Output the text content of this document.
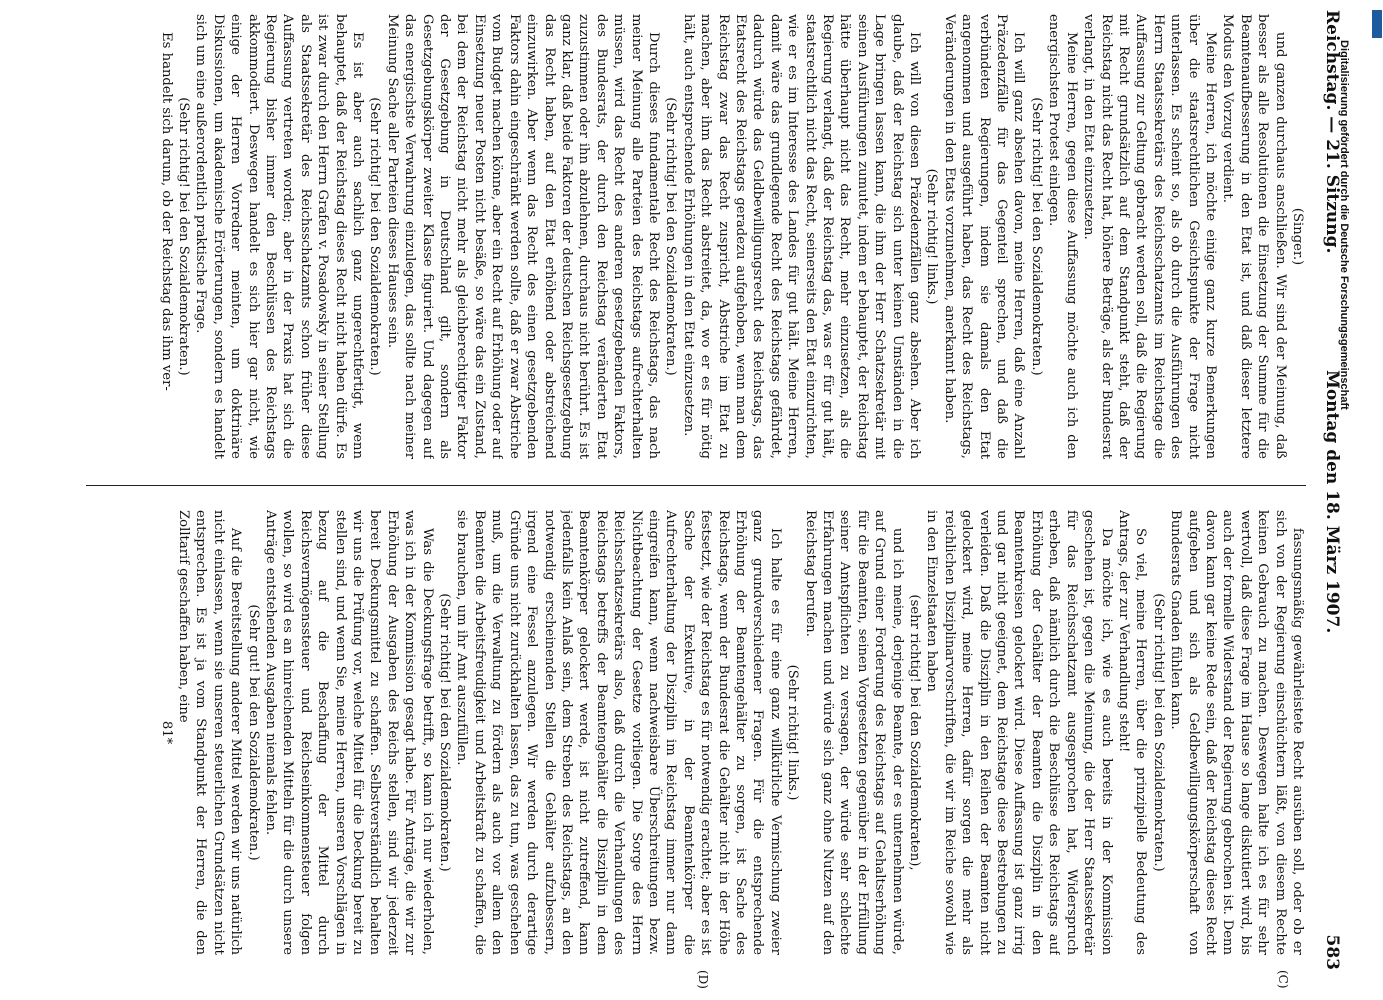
Reichstag. — 21. Sitzung.
Montag den 18. März 1907.
583

(Singer.)

und ganzen durchaus anschließen. Wir sind der Meinung, daß besser als alle Resolutionen die Einsetzung der Summe für die Beamtenaufbesserung in den Etat ist, und daß dieser letztere Modus den Vorzug verdient.

Meine Herren, ich möchte einige ganz kurze Bemerkungen über die staatsrechtlichen Gesichtspunkte der Frage nicht unterlassen. Es scheint so, als ob durch die Ausführungen des Herrn Staatssekretärs des Reichsschatzamts im Reichstage die Auffassung zur Geltung gebracht werden soll, daß die Regierung mit Recht grundsätzlich auf dem Standpunkt steht, daß der Reichstag nicht das Recht hat, höhere Beträge, als der Bundesrat verlangt, in den Etat einzusetzen.

Meine Herren, gegen diese Auffassung möchte auch ich den energischsten Protest einlegen.

(Sehr richtig! bei den Sozialdemokraten.)

Ich will ganz absehen davon, meine Herren, daß eine Anzahl Präzedenzfälle für das Gegenteil sprechen, und daß die verbündeten Regierungen, indem sie damals den Etat angenommen und ausgeführt haben, das Recht des Reichstags, Veränderungen in den Etats vorzunehmen, anerkannt haben.

(Sehr richtig! links.)

Ich will von diesen Präzedenzfällen ganz absehen. Aber ich glaube, daß der Reichstag sich unter keinen Umständen in die Lage bringen lassen kann, die ihm der Herr Schatzsekretär mit seinen Ausführungen zumutet, indem er behauptet, der Reichstag hätte überhaupt nicht das Recht, mehr einzusetzen, als die Regierung verlangt, daß der Reichstag das, was er für gut hält, staatsrechtlich nicht das Recht, seinerseits den Etat einzurichten, wie er es im Interesse des Landes für gut hält. Meine Herren, damit wäre das grundlegende Recht des Reichstags gefährdet, dadurch würde das Geldbewilligungsrecht des Reichstags, das Etatsrecht des Reichstags geradezu aufgehoben, wenn man dem Reichstag zwar das Recht zuspricht, Abstriche im Etat zu machen, aber ihm das Recht abstreitet, da, wo er es für nötig hält, auch entsprechende Erhöhungen in den Etat einzusetzen.

(Sehr richtig! bei den Sozialdemokraten.)

Durch dieses fundamentale Recht des Reichstags, das nach meiner Meinung alle Parteien des Reichstags aufrechterhalten müssen, wird das Recht des anderen gesetzgebenden Faktors, des Bundesrats, der durch den Reichstag veränderten Etat zuzustimmen oder ihn abzulehnen, durchaus nicht berührt. Es ist ganz klar, daß beide Faktoren der deutschen Reichsgesetzgebung das Recht haben, auf den Etat erhöhend oder abstreichend einzuwirken. Aber wenn das Recht des einen gesetzgebenden Faktors dahin eingeschränkt werden sollte, daß er zwar Abstriche vom Budget machen könne, aber ein Recht auf Erhöhung oder auf Einsetzung neuer Posten nicht besäße, so wäre das ein Zustand, bei dem der Reichstag nicht mehr als gleichberechtigter Faktor der Gesetzgebung in Deutschland gilt, sondern als Gesetzgebungskörper zweiter Klasse figuriert. Und dagegen auf das energischste Verwahrung einzulegen, das sollte nach meiner Meinung Sache aller Parteien dieses Hauses sein.

(Sehr richtig! bei den Sozialdemokraten.)

Es ist aber auch sachlich ganz ungerechtfertigt, wenn behauptet, daß der Reichstag dieses Recht nicht haben dürfe. Es ist zwar durch den Herrn Grafen v. Posadowsky in seiner Stellung als Staatssekretär des Reichsschatzamts schon früher diese Auffassung vertreten worden; aber in der Praxis hat sich die Regierung bisher immer den Beschlüssen des Reichstags akkommodiert. Deswegen handelt es sich hier gar nicht, wie einige der Herren Vorredner meinten, um doktrinäre Diskussionen, um akademische Erörterungen, sondern es handelt sich um eine außerordentlich praktische Frage.

(Sehr richtig! bei den Sozialdemokraten.)

Es handelt sich darum, ob der Reichstag das ihm ver-

fassungsmäßig gewährleistete Recht ausüben soll, oder ob er sich von der Regierung einschüchtern läßt, von diesem Rechte keinen Gebrauch zu machen. Deswegen halte ich es für sehr wertvoll, daß diese Frage im Hause so lange diskutiert wird, bis auch der formelle Widerstand der Regierung gebrochen ist. Denn davon kann gar keine Rede sein, daß der Reichstag dieses Recht aufgeben und sich als Geldbewilligungskörperschaft von Bundesrats Gnaden fühlen kann.

(Sehr richtig! bei den Sozialdemokraten.)

So viel, meine Herren, über die prinzipielle Bedeutung des Antrags, der zur Verhandlung steht!

Da möchte ich, wie es auch bereits in der Kommission geschehen ist, gegen die Meinung, die der Herr Staatssekretär für das Reichsschatzamt ausgesprochen hat, Widerspruch erheben, daß nämlich durch die Beschlüsse des Reichstags auf Erhöhung der Gehälter der Beamten die Disziplin in den Beamtenkreisen gelockert wird. Diese Auffassung ist ganz irrig und gar nicht geeignet, dem Reichstage diese Bestrebungen zu verleiden. Daß die Disziplin in den Reihen der Beamten nicht gelockert wird, meine Herren, dafür sorgen die mehr als reichlichen Disziplinarvorschriften, die wir im Reiche sowohl wie in den Einzelstaaten haben

(sehr richtig! bei den Sozialdemokraten),

und ich meine, derjenige Beamte, der es unternehmen würde, auf Grund einer Forderung des Reichstags auf Gehaltserhöhung für die Beamten, seinen Vorgesetzten gegenüber in der Erfüllung seiner Amtspflichten zu versagen, der würde sehr schlechte Erfahrungen machen und würde sich ganz ohne Nutzen auf den Reichstag berufen.

(Sehr richtig! links.)

Ich halte es für eine ganz willkürliche Vermischung zweier ganz grundverschiedener Fragen. Für die entsprechende Erhöhung der Beamtengehälter zu sorgen, ist Sache des Reichstags, wenn der Bundesrat die Gehälter nicht in der Höhe festsetzt, wie der Reichstag es für notwendig erachtet; aber es ist Sache der Exekutive, in der Beamtenkörper die Aufrechterhaltung der Disziplin im Reichstag immer nur dann eingreifen kann, wenn nachweisbare Überschreitungen bezw. Nichtbeachtung der Gesetze vorliegen. Die Sorge des Herrn Reichsschatzsekretärs also, daß durch die Verhandlungen des Reichstags betreffs der Beamtengehälter die Disziplin in dem Beamtenkörper gelockert werde, ist nicht zutreffend, kann jedenfalls kein Anlaß sein, dem Streben des Reichstags, an den notwendig erscheinenden Stellen die Gehälter aufzubessern, irgend eine Fessel anzulegen. Wir werden durch derartige Gründe uns nicht zurückhalten lassen, das zu tun, was geschehen muß, um die Verwaltung zu fördern als auch vor allem den Beamten die Arbeitsfreudigkeit und Arbeitskraft zu schaffen, die sie brauchen, um ihr Amt auszufüllen.

(Sehr richtig! bei den Sozialdemokraten.)

Was die Deckungsfrage betrifft, so kann ich nur wiederholen, was ich in der Kommission gesagt habe. Für Anträge, die wir zur Erhöhung der Ausgaben des Reichs stellen, sind wir jederzeit bereit Deckungsmittel zu schaffen. Selbstverständlich behalten wir uns die Prüfung vor, welche Mittel für die Deckung bereit zu stellen sind, und wenn Sie, meine Herren, unseren Vorschlägen in bezug auf die Beschaffung der Mittel durch Reichsvermögenssteuer und Reichseinkommensteuer folgen wollen, so wird es an hinreichenden Mitteln für die durch unsere Anträge entstehenden Ausgaben niemals fehlen.

(Sehr gut! bei den Sozialdemokraten.)

Auf die Bereitstellung anderer Mittel werden wir uns natürlich nicht einlassen, wenn sie unseren steuerlichen Grundsätzen nicht entsprechen. Es ist ja vom Standpunkt der Herren, die den Zolltarif geschaffen haben, eine

81*

(C)
(D)
Digitalisierung gefördert durch die Deutsche Forschungsgemeinschaft
